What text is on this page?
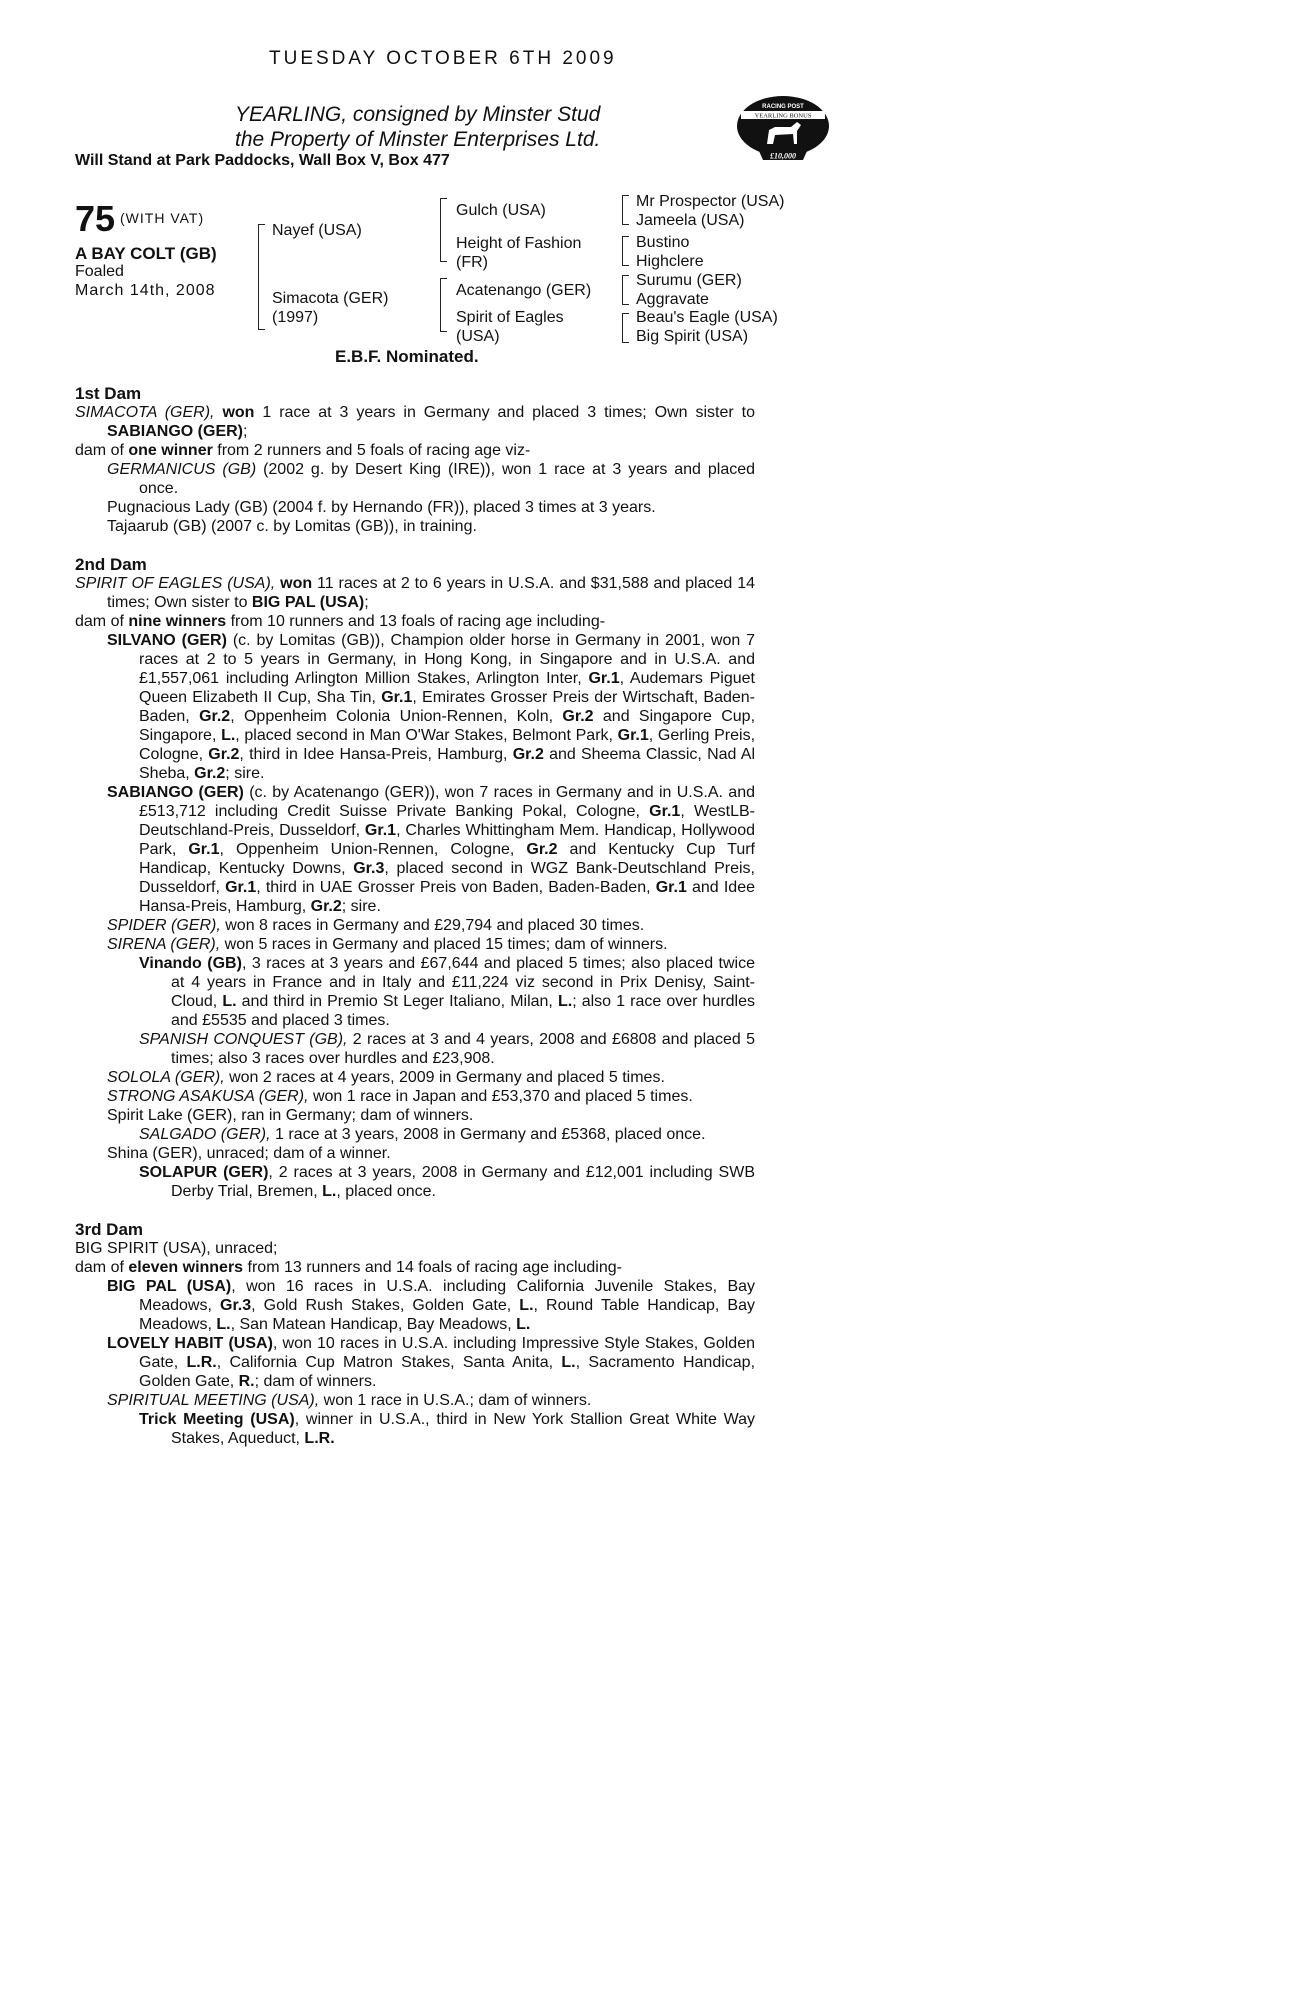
TUESDAY OCTOBER 6TH 2009
YEARLING, consigned by Minster Stud
the Property of Minster Enterprises Ltd.
Will Stand at Park Paddocks, Wall Box V, Box 477
RACING POST
YEARLING BONUS
£10,000
75 (WITH VAT)
A BAY COLT (GB)
Foaled
March 14th, 2008
Nayef (USA)
Simacota (GER)
(1997)
Gulch (USA)
Height of Fashion
(FR)
Acatenango (GER)
Spirit of Eagles
(USA)
Mr Prospector (USA)
Jameela (USA)
Bustino
Highclere
Surumu (GER)
Aggravate
Beau's Eagle (USA)
Big Spirit (USA)
E.B.F. Nominated.
1st Dam

SIMACOTA (GER), won 1 race at 3 years in Germany and placed 3 times; Own sister to SABIANGO (GER);

dam of one winner from 2 runners and 5 foals of racing age viz-

GERMANICUS (GB) (2002 g. by Desert King (IRE)), won 1 race at 3 years and placed once.

Pugnacious Lady (GB) (2004 f. by Hernando (FR)), placed 3 times at 3 years.

Tajaarub (GB) (2007 c. by Lomitas (GB)), in training.

2nd Dam

SPIRIT OF EAGLES (USA), won 11 races at 2 to 6 years in U.S.A. and $31,588 and placed 14 times; Own sister to BIG PAL (USA);

dam of nine winners from 10 runners and 13 foals of racing age including-

SILVANO (GER) (c. by Lomitas (GB)), Champion older horse in Germany in 2001, won 7 races at 2 to 5 years in Germany, in Hong Kong, in Singapore and in U.S.A. and £1,557,061 including Arlington Million Stakes, Arlington Inter, Gr.1, Audemars Piguet Queen Elizabeth II Cup, Sha Tin, Gr.1, Emirates Grosser Preis der Wirtschaft, Baden-Baden, Gr.2, Oppenheim Colonia Union-Rennen, Koln, Gr.2 and Singapore Cup, Singapore, L., placed second in Man O'War Stakes, Belmont Park, Gr.1, Gerling Preis, Cologne, Gr.2, third in Idee Hansa-Preis, Hamburg, Gr.2 and Sheema Classic, Nad Al Sheba, Gr.2; sire.

SABIANGO (GER) (c. by Acatenango (GER)), won 7 races in Germany and in U.S.A. and £513,712 including Credit Suisse Private Banking Pokal, Cologne, Gr.1, WestLB-Deutschland-Preis, Dusseldorf, Gr.1, Charles Whittingham Mem. Handicap, Hollywood Park, Gr.1, Oppenheim Union-Rennen, Cologne, Gr.2 and Kentucky Cup Turf Handicap, Kentucky Downs, Gr.3, placed second in WGZ Bank-Deutschland Preis, Dusseldorf, Gr.1, third in UAE Grosser Preis von Baden, Baden-Baden, Gr.1 and Idee Hansa-Preis, Hamburg, Gr.2; sire.

SPIDER (GER), won 8 races in Germany and £29,794 and placed 30 times.

SIRENA (GER), won 5 races in Germany and placed 15 times; dam of winners.

Vinando (GB), 3 races at 3 years and £67,644 and placed 5 times; also placed twice at 4 years in France and in Italy and £11,224 viz second in Prix Denisy, Saint-Cloud, L. and third in Premio St Leger Italiano, Milan, L.; also 1 race over hurdles and £5535 and placed 3 times.

SPANISH CONQUEST (GB), 2 races at 3 and 4 years, 2008 and £6808 and placed 5 times; also 3 races over hurdles and £23,908.

SOLOLA (GER), won 2 races at 4 years, 2009 in Germany and placed 5 times.

STRONG ASAKUSA (GER), won 1 race in Japan and £53,370 and placed 5 times.

Spirit Lake (GER), ran in Germany; dam of winners.

SALGADO (GER), 1 race at 3 years, 2008 in Germany and £5368, placed once.

Shina (GER), unraced; dam of a winner.

SOLAPUR (GER), 2 races at 3 years, 2008 in Germany and £12,001 including SWB Derby Trial, Bremen, L., placed once.

3rd Dam

BIG SPIRIT (USA), unraced;

dam of eleven winners from 13 runners and 14 foals of racing age including-

BIG PAL (USA), won 16 races in U.S.A. including California Juvenile Stakes, Bay Meadows, Gr.3, Gold Rush Stakes, Golden Gate, L., Round Table Handicap, Bay Meadows, L., San Matean Handicap, Bay Meadows, L.

LOVELY HABIT (USA), won 10 races in U.S.A. including Impressive Style Stakes, Golden Gate, L.R., California Cup Matron Stakes, Santa Anita, L., Sacramento Handicap, Golden Gate, R.; dam of winners.

SPIRITUAL MEETING (USA), won 1 race in U.S.A.; dam of winners.

Trick Meeting (USA), winner in U.S.A., third in New York Stallion Great White Way Stakes, Aqueduct, L.R.
